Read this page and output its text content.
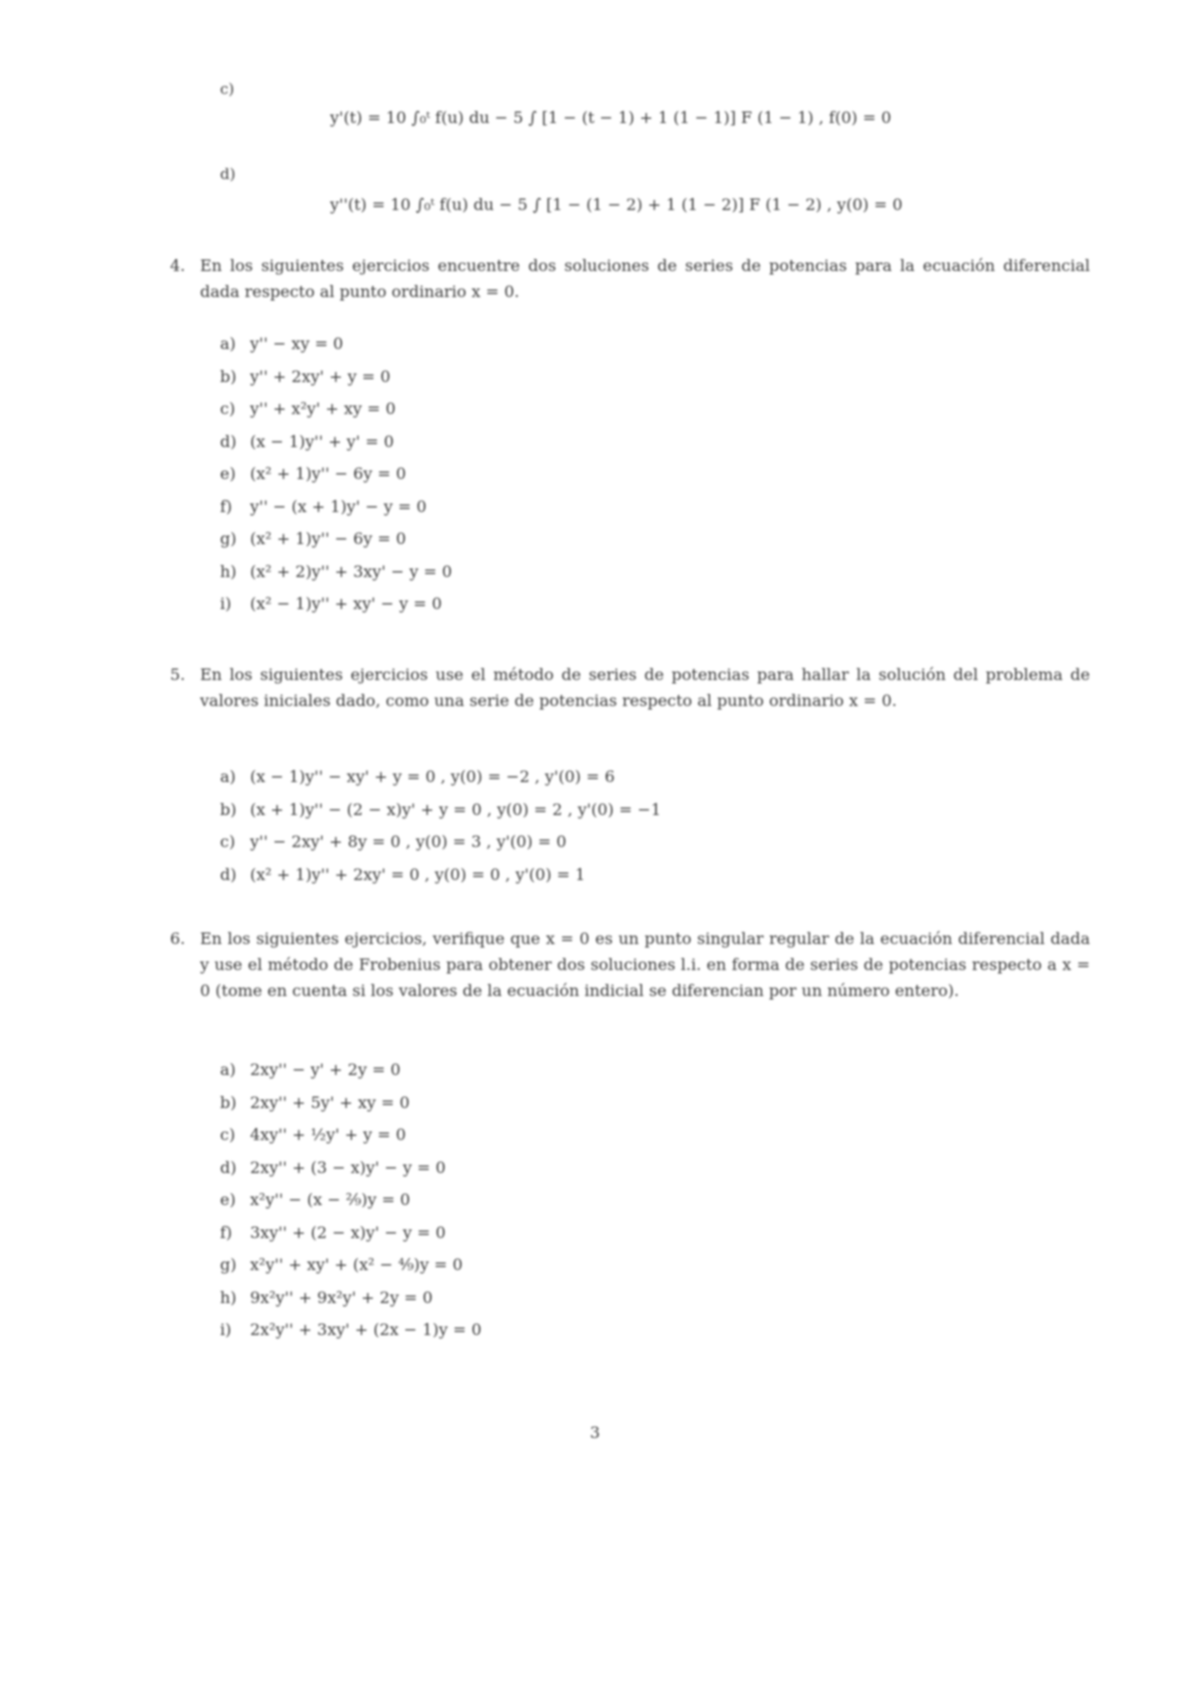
c)
y'(t) = 10 ∫₀ᵗ f(u) du − 5 ∫ [1 − (t − 1) + 1 (1 − 1)] F (1 − 1) , f(0) = 0
d)
y''(t) = 10 ∫₀ᵗ f(u) du − 5 ∫ [1 − (1 − 2) + 1 (1 − 2)] F (1 − 2) , y(0) = 0
4. En los siguientes ejercicios encuentre dos soluciones de series de potencias para la ecuación diferencial dada respecto al punto ordinario x = 0.
a) y'' − xy = 0
b) y'' + 2xy' + y = 0
c) y'' + x²y' + xy = 0
d) (x − 1)y'' + y' = 0
e) (x² + 1)y'' − 6y = 0
f) y'' − (x + 1)y' − y = 0
g) (x² + 1)y'' − 6y = 0
h) (x² + 2)y'' + 3xy' − y = 0
i) (x² − 1)y'' + xy' − y = 0
5. En los siguientes ejercicios use el método de series de potencias para hallar la solución del problema de valores iniciales dado, como una serie de potencias respecto al punto ordinario x = 0.
a) (x − 1)y'' − xy' + y = 0 , y(0) = −2 , y'(0) = 6
b) (x + 1)y'' − (2 − x)y' + y = 0 , y(0) = 2 , y'(0) = −1
c) y'' − 2xy' + 8y = 0 , y(0) = 3 , y'(0) = 0
d) (x² + 1)y'' + 2xy' = 0 , y(0) = 0 , y'(0) = 1
6. En los siguientes ejercicios, verifique que x = 0 es un punto singular regular de la ecuación diferencial dada y use el método de Frobenius para obtener dos soluciones l.i. en forma de series de potencias respecto a x = 0 (tome en cuenta si los valores de la ecuación indicial se diferencian por un número entero).
a) 2xy'' − y' + 2y = 0
b) 2xy'' + 5y' + xy = 0
c) 4xy'' + ½y' + y = 0
d) 2xy'' + (3 − x)y' − y = 0
e) x²y'' − (x − ²⁄₉)y = 0
f) 3xy'' + (2 − x)y' − y = 0
g) x²y'' + xy' + (x² − ⁴⁄₉)y = 0
h) 9x²y'' + 9x²y' + 2y = 0
i) 2x²y'' + 3xy' + (2x − 1)y = 0
3
